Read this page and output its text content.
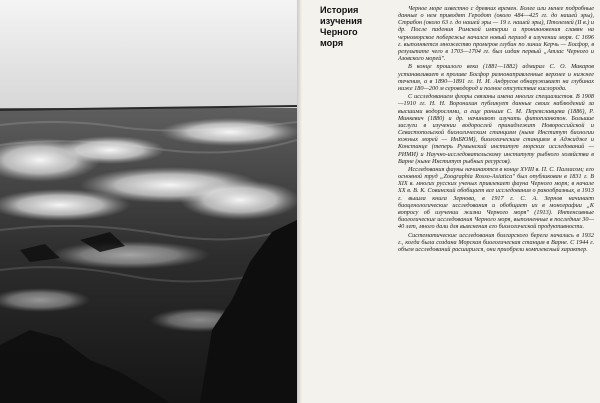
История
изучения
Черного
моря

Черное море известно с древних времен. Более или менее подробные данные о нем приводят Геродот (около 484—425 гг. до нашей эры), Страбон (около 63 г. до нашей эры — 19 г. нашей эры), Птолемей (II в.) и др. После падения Римской империи и проникновения славян на черноморское побережье начался новый период в изучении моря. С 1696 г. выполняется множество промеров глубин по линии Керчь — Босфор, в результате чего в 1703—1704 гг. был издан первый „Атлас Черного и Азовского морей".

В конце прошлого века (1881—1882) адмирал С. О. Макаров устанавливает в проливе Босфор разнонаправленные верхнее и нижнее течения, а в 1890—1891 гг. Н. И. Андрусов обнаруживает на глубинах ниже 180—200 м сероводород и полное отсутствие кислорода.

С исследованием флоры связаны имена многих специалистов. В 1908—1910 гг. Н. Н. Воронихин публикует данные своих наблюдений за высшими водорослями, а еще раньше С. М. Переяславцева (1886), Р. Минкевич (1880) и др. начинают изучать фитопланктон. Большие заслуги в изучении водорослей принадлежат Новороссийской и Севастопольской биологическим станциям (ныне Институт биологии южных морей — ИнБЮМ), биологическим станциям в Аджидже и Констанце (теперь Румынский институт морских исследований — РИМИ) и Научно-исследовательскому институту рыбного хозяйства в Варне (ныне Институт рыбных ресурсов).

Исследования фауны начинаются в конце XVIII в. П. С. Палласом; его основной труд „Zoographia Rosso-Asiatica" был опубликован в 1831 г. В XIX в. многих русских ученых привлекает фауна Черного моря; в начале XX в. В. К. Совинский обобщает все исследования о ракообразных, в 1913 г. вышла книга Зернова, в 1917 г. С. А. Зернов начинает биоценологические исследования и обобщает их в монографии „К вопросу об изучении жизни Черного моря" (1913). Интенсивные биологические исследования Черного моря, выполненные в последние 30—40 лет, много дали для выяснения его биологической продуктивности.

Систематические исследования болгарского берега начались в 1932 г., когда была создана Морская биологическая станция в Варне. С 1944 г. объем исследований расширился, они приобрели комплексный характер.
